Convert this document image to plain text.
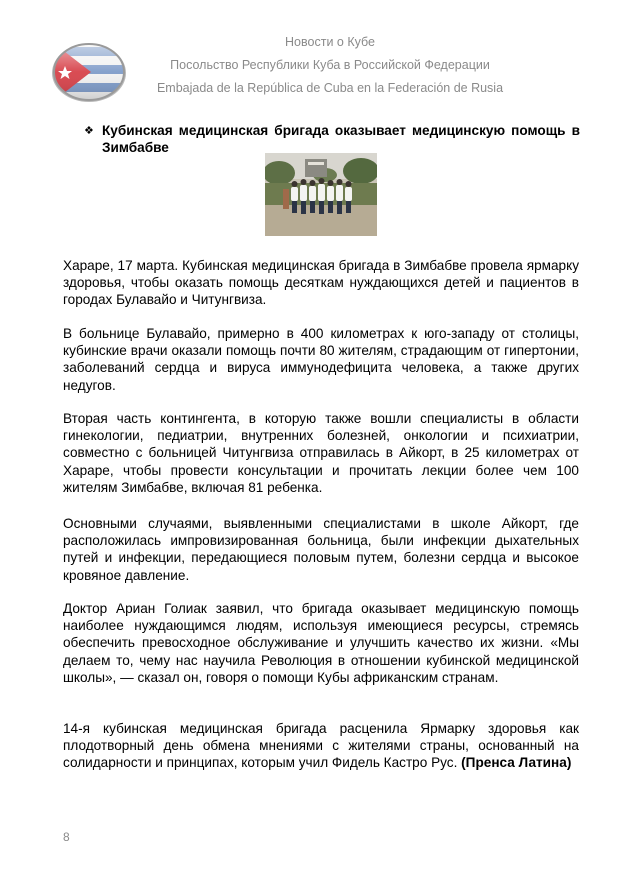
Новости о Кубе
Посольство Республики Куба в Российской Федерации
Embajada de la República de Cuba en la Federación de Rusia
❖ Кубинская медицинская бригада оказывает медицинскую помощь в Зимбабве
Хараре, 17 марта. Кубинская медицинская бригада в Зимбабве провела ярмарку здоровья, чтобы оказать помощь десяткам нуждающихся детей и пациентов в городах Булавайо и Читунгвиза.
В больнице Булавайо, примерно в 400 километрах к юго-западу от столицы, кубинские врачи оказали помощь почти 80 жителям, страдающим от гипертонии, заболеваний сердца и вируса иммунодефицита человека, а также других недугов.
Вторая часть контингента, в которую также вошли специалисты в области гинекологии, педиатрии, внутренних болезней, онкологии и психиатрии, совместно с больницей Читунгвиза отправилась в Айкорт, в 25 километрах от Хараре, чтобы провести консультации и прочитать лекции более чем 100 жителям Зимбабве, включая 81 ребенка.
Основными случаями, выявленными специалистами в школе Айкорт, где расположилась импровизированная больница, были инфекции дыхательных путей и инфекции, передающиеся половым путем, болезни сердца и высокое кровяное давление.
Доктор Ариан Голиак заявил, что бригада оказывает медицинскую помощь наиболее нуждающимся людям, используя имеющиеся ресурсы, стремясь обеспечить превосходное обслуживание и улучшить качество их жизни. «Мы делаем то, чему нас научила Революция в отношении кубинской медицинской школы», — сказал он, говоря о помощи Кубы африканским странам.
14-я кубинская медицинская бригада расценила Ярмарку здоровья как плодотворный день обмена мнениями с жителями страны, основанный на солидарности и принципах, которым учил Фидель Кастро Рус. (Пренса Латина)
8
